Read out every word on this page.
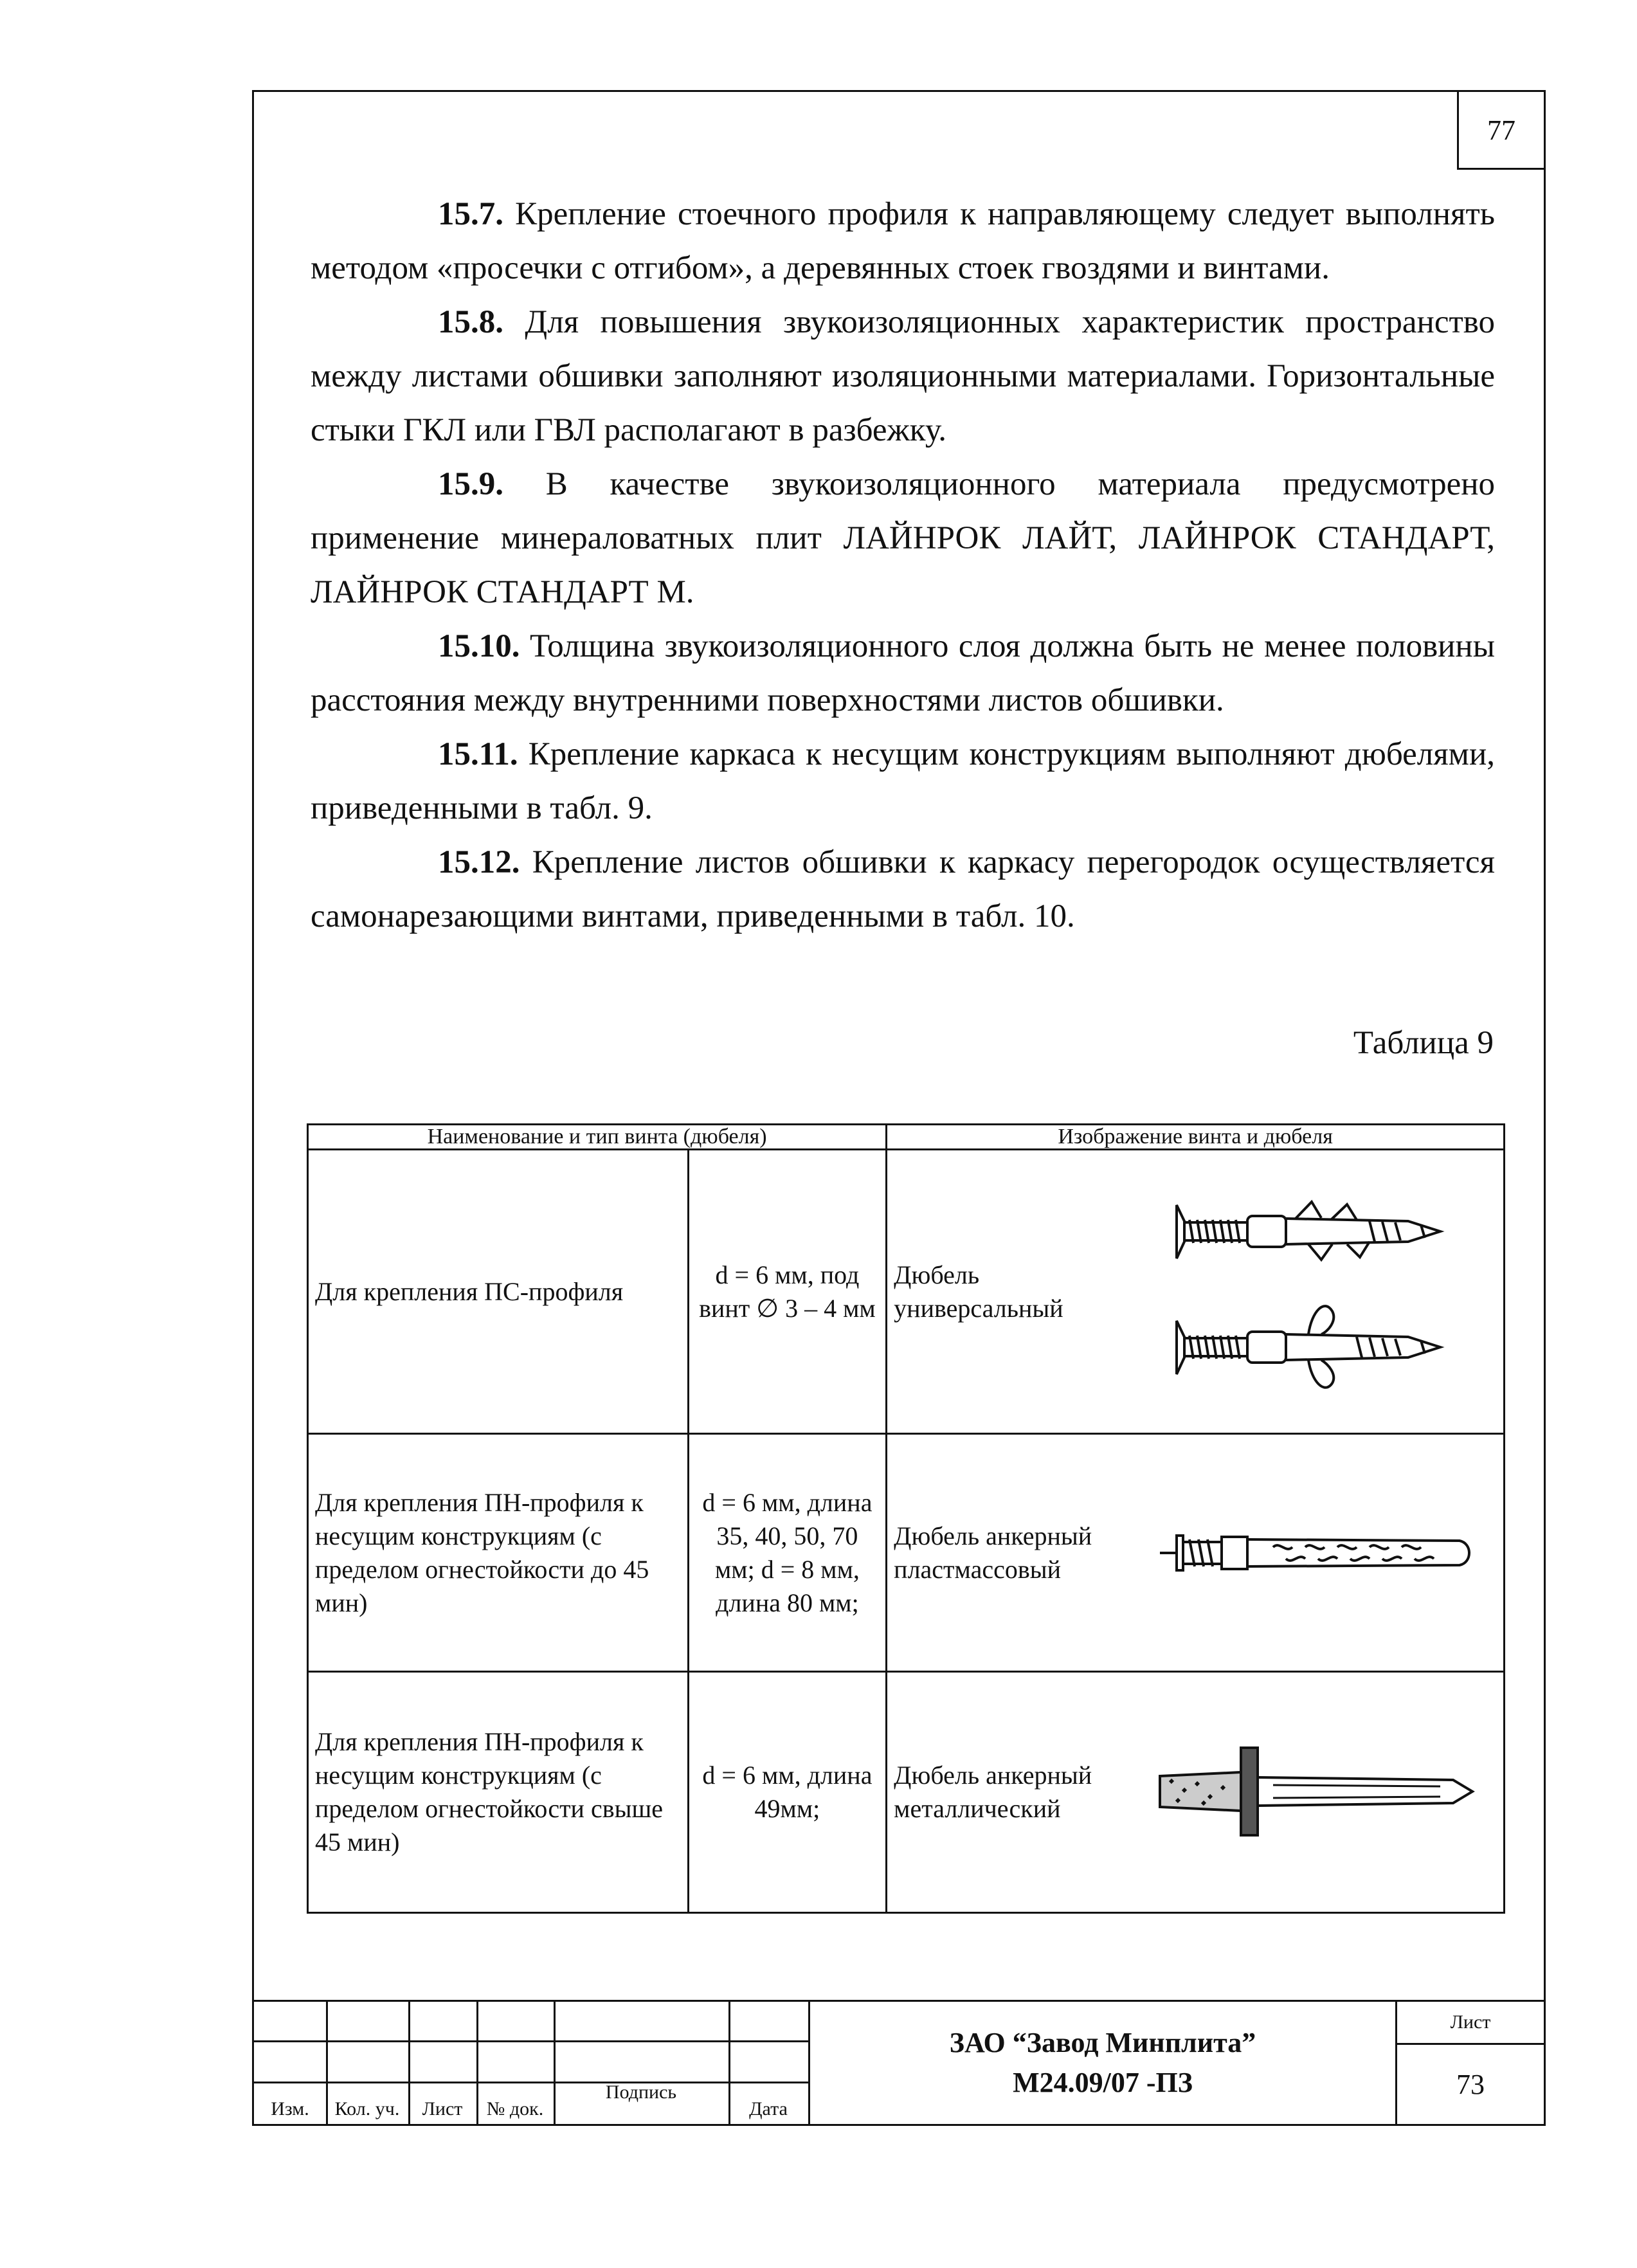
77

15.7. Крепление стоечного профиля к направляющему следует выполнять методом «просечки с отгибом», а деревянных стоек гвоздями и винтами.

15.8. Для повышения звукоизоляционных характеристик пространство между листами обшивки заполняют изоляционными материалами. Горизонтальные стыки ГКЛ или ГВЛ располагают в разбежку.

15.9. В качестве звукоизоляционного материала предусмотрено применение минераловатных плит ЛАЙНРОК ЛАЙТ, ЛАЙНРОК СТАНДАРТ, ЛАЙНРОК СТАНДАРТ М.

15.10. Толщина звукоизоляционного слоя должна быть не менее половины расстояния между внутренними поверхностями листов обшивки.

15.11. Крепление каркаса к несущим конструкциям выполняют дюбелями, приведенными в табл. 9.

15.12. Крепление листов обшивки к каркасу перегородок осуществляется самонарезающими винтами, приведенными в табл. 10.

Таблица 9
Наименование и тип винта (дюбеля)		Изображение винта и дюбеля	
Для крепления ПС-профиля	d = 6 мм, под винт ∅ 3 – 4 мм	Дюбель универсальный	

Для крепления ПН-профиля к несущим конструкциям (с пределом огнестойкости до 45 мин)	d = 6 мм, длина 35, 40, 50, 70 мм; d = 8 мм, длина 80 мм;	Дюбель анкерный пластмассовый	

Для крепления ПН-профиля к несущим конструкциям (с пределом огнестойкости свыше 45 мин)	d = 6 мм, длина 49мм;	Дюбель анкерный металлический	
Изм.	Кол. уч.	Лист	№ док.
Подпись
Дата
ЗАО “Завод Минплита”
М24.09/07 -ПЗ
Лист
73
